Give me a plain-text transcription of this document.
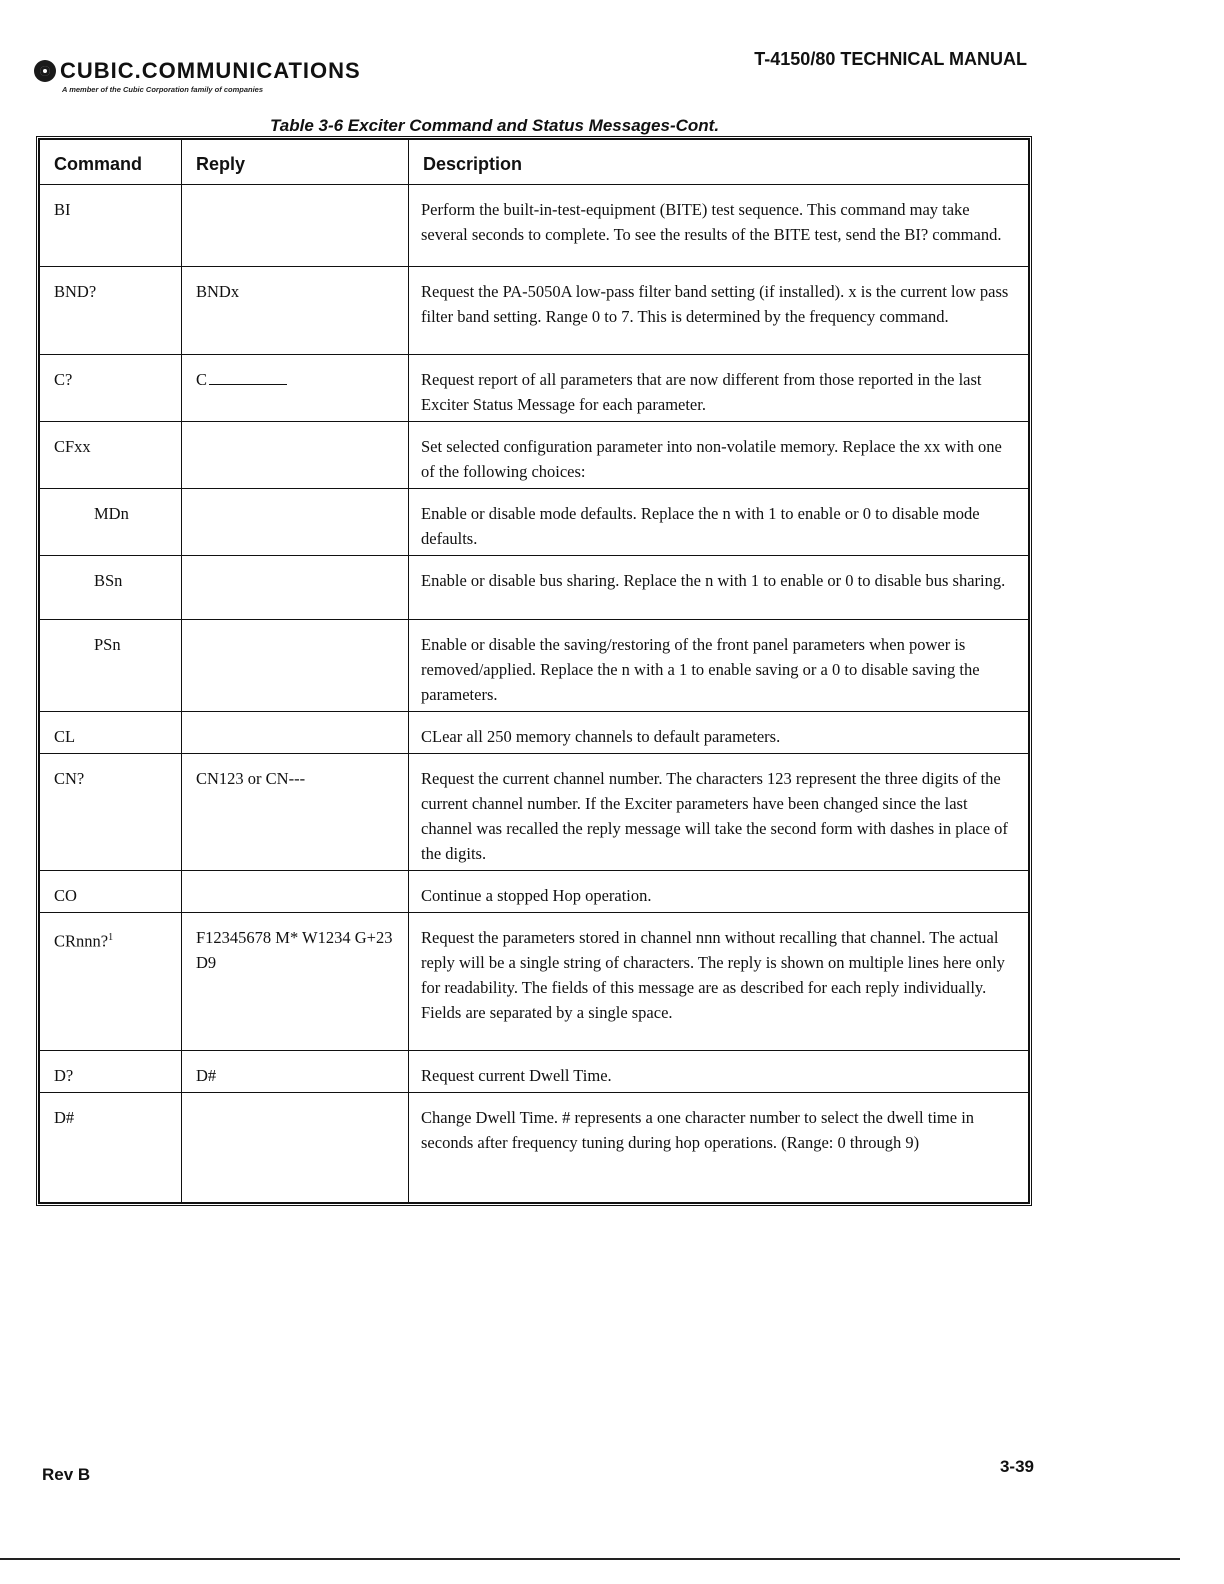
CUBIC.COMMUNICATIONS
A member of the Cubic Corporation family of companies
T-4150/80 TECHNICAL MANUAL
Table 3-6 Exciter Command and Status Messages-Cont.
Command	Reply	Description
BI		Perform the built-in-test-equipment (BITE) test sequence. This command may take several seconds to complete. To see the results of the BITE test, send the BI? command.
BND?	BNDx	Request the PA-5050A low-pass filter band setting (if installed). x is the current low pass filter band setting. Range 0 to 7. This is determined by the frequency command.
C?	C	Request report of all parameters that are now different from those reported in the last Exciter Status Message for each parameter.
CFxx		Set selected configuration parameter into non-volatile memory. Replace the xx with one of the following choices:
MDn		Enable or disable mode defaults. Replace the n with 1 to enable or 0 to disable mode defaults.
BSn		Enable or disable bus sharing. Replace the n with 1 to enable or 0 to disable bus sharing.
PSn		Enable or disable the saving/restoring of the front panel parameters when power is removed/applied. Replace the n with a 1 to enable saving or a 0 to disable saving the parameters.
CL		CLear all 250 memory channels to default parameters.
CN?	CN123 or CN---	Request the current channel number. The characters 123 represent the three digits of the current channel number. If the Exciter parameters have been changed since the last channel was recalled the reply message will take the second form with dashes in place of the digits.
CO		Continue a stopped Hop operation.
CRnnn?$^1$	F12345678 M* W1234 G+23 D9	Request the parameters stored in channel nnn without recalling that channel. The actual reply will be a single string of characters. The reply is shown on multiple lines here only for readability. The fields of this message are as described for each reply individually. Fields are separated by a single space.
D?	D#	Request current Dwell Time.
D#		Change Dwell Time. # represents a one character number to select the dwell time in seconds after frequency tuning during hop operations. (Range: 0 through 9)
Rev B	3-39
